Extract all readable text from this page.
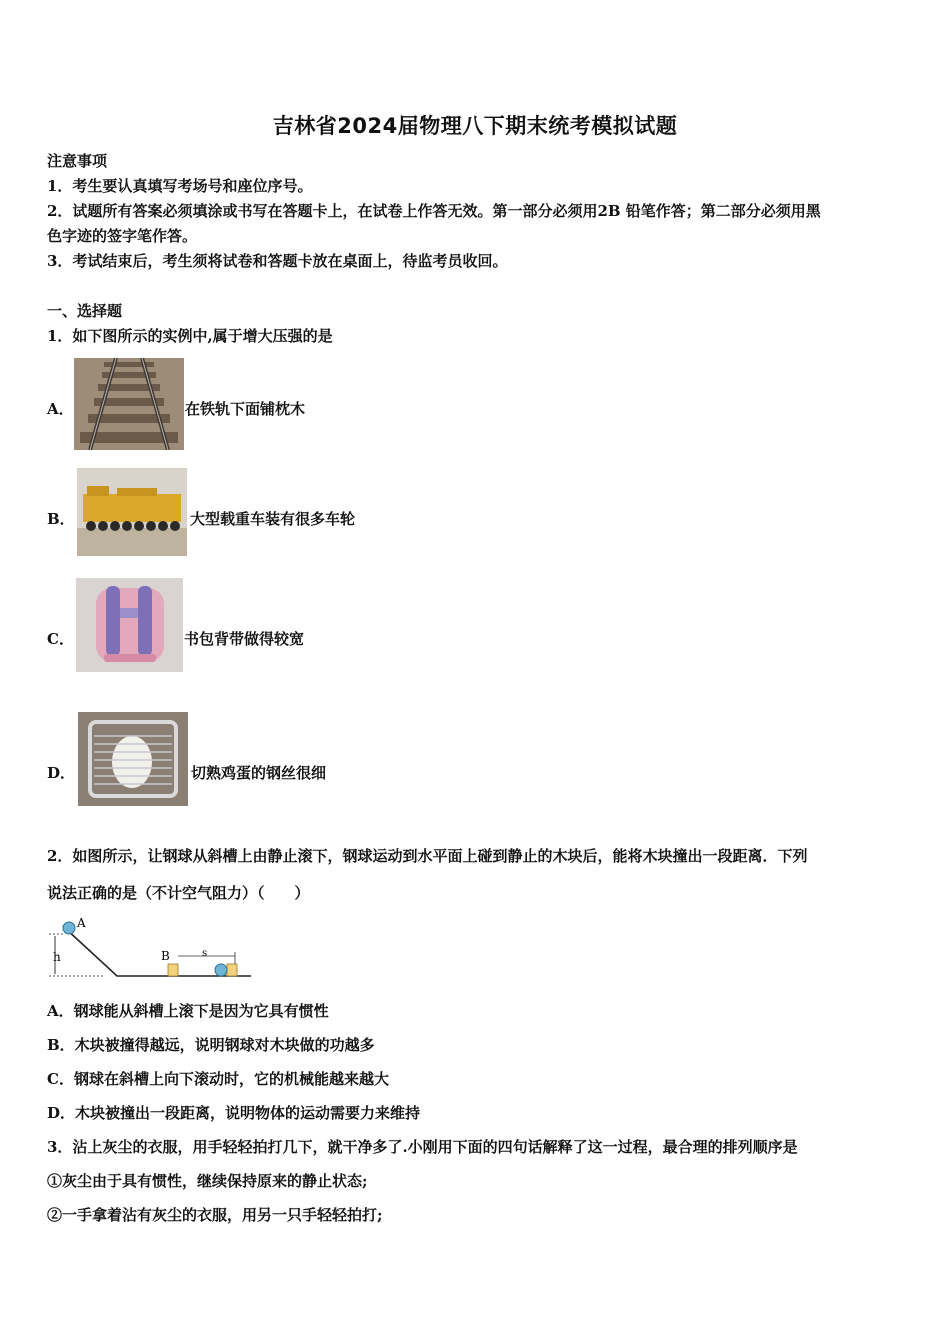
吉林省2024届物理八下期末统考模拟试题
注意事项
1．考生要认真填写考场号和座位序号。
2．试题所有答案必须填涂或书写在答题卡上，在试卷上作答无效。第一部分必须用2B 铅笔作答；第二部分必须用黑
色字迹的签字笔作答。
3．考试结束后，考生须将试卷和答题卡放在桌面上，待监考员收回。
一、选择题
1．如下图所示的实例中,属于增大压强的是
A．	在铁轨下面铺枕木
B．	大型载重车装有很多车轮
C．	书包背带做得较宽
D．	切熟鸡蛋的钢丝很细
2．如图所示，让钢球从斜槽上由静止滚下，钢球运动到水平面上碰到静止的木块后，能将木块撞出一段距离．下列
说法正确的是（不计空气阻力）（　　）
h
A
B	s
A．钢球能从斜槽上滚下是因为它具有惯性
B．木块被撞得越远，说明钢球对木块做的功越多
C．钢球在斜槽上向下滚动时，它的机械能越来越大
D．木块被撞出一段距离，说明物体的运动需要力来维持
3．沾上灰尘的衣服，用手轻轻拍打几下，就干净多了.小刚用下面的四句话解释了这一过程，最合理的排列顺序是
①灰尘由于具有惯性，继续保持原来的静止状态;
②一手拿着沾有灰尘的衣服，用另一只手轻轻拍打;
